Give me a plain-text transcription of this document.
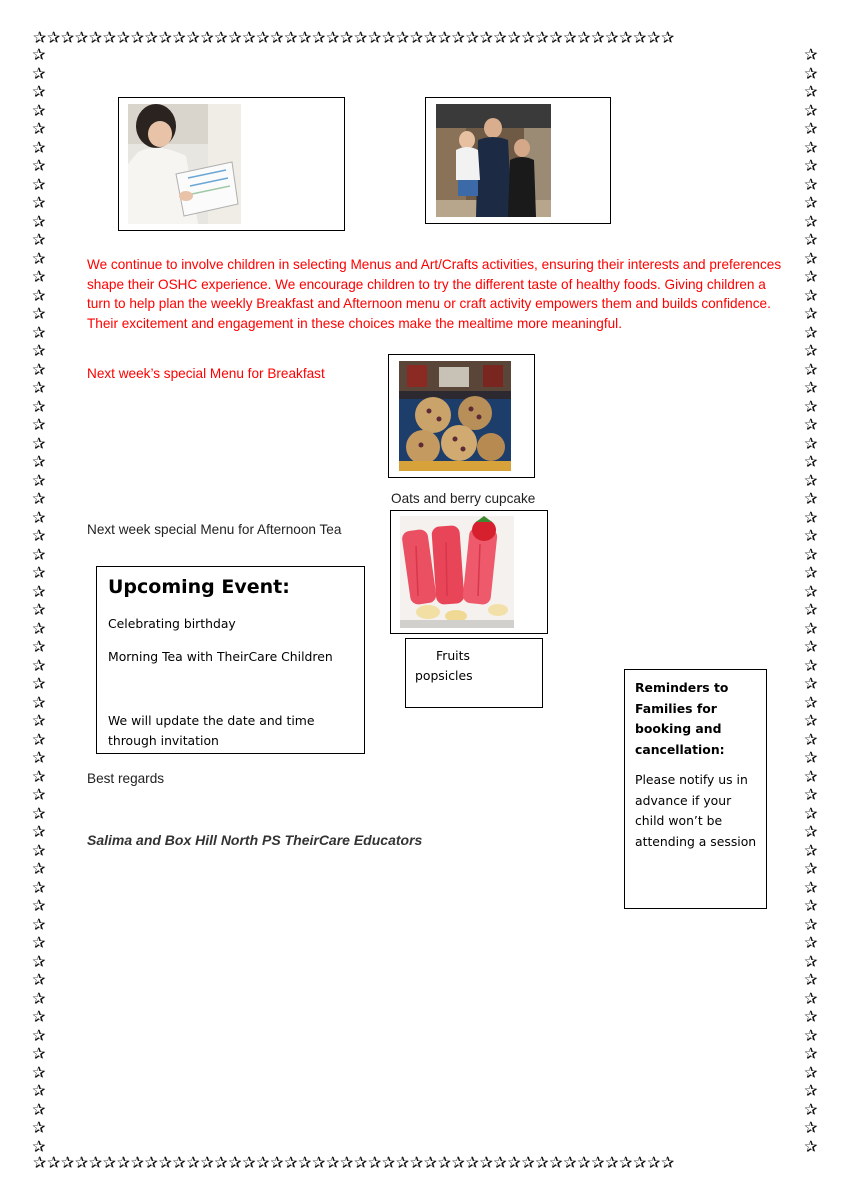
✰✰✰✰✰✰✰✰✰✰✰✰✰✰✰✰✰✰✰✰✰✰✰✰✰✰✰✰✰✰✰✰✰✰✰✰✰✰✰✰✰✰✰✰✰✰
✰✰✰✰✰✰✰✰✰✰✰✰✰✰✰✰✰✰✰✰✰✰✰✰✰✰✰✰✰✰✰✰✰✰✰✰✰✰✰✰✰✰✰✰✰✰
✰
✰
✰
✰
✰
✰
✰
✰
✰
✰
✰
✰
✰
✰
✰
✰
✰
✰
✰
✰
✰
✰
✰
✰
✰
✰
✰
✰
✰
✰
✰
✰
✰
✰
✰
✰
✰
✰
✰
✰
✰
✰
✰
✰
✰
✰
✰
✰
✰
✰
✰
✰
✰
✰
✰
✰
✰
✰
✰
✰
✰
✰
✰
✰
✰
✰
✰
✰
✰
✰
✰
✰
✰
✰
✰
✰
✰
✰
✰
✰
✰
✰
✰
✰
✰
✰
✰
✰
✰
✰
✰
✰
✰
✰
✰
✰
✰
✰
✰
✰
✰
✰
✰
✰
✰
✰
✰
✰
✰
✰
✰
✰
✰
✰
✰
✰
✰
✰
✰
✰
We continue to involve children in selecting Menus and Art/Crafts activities, ensuring their interests and preferences shape their OSHC experience. We encourage children to try the different taste of healthy foods. Giving children a turn to help plan the weekly Breakfast and Afternoon menu or craft activity empowers them and builds confidence. Their excitement and engagement in these choices make the mealtime more meaningful.
Next week’s special Menu for Breakfast
Oats and berry cupcake
Next week special Menu for Afternoon Tea
Fruits
popsicles
Upcoming Event:
Celebrating birthday
Morning Tea with TheirCare Children
We will update the date and time
through invitation
Reminders to Families for booking and cancellation:
Please notify us in advance if your child won’t be attending a session
Best regards
Salima and Box Hill North PS TheirCare Educators
